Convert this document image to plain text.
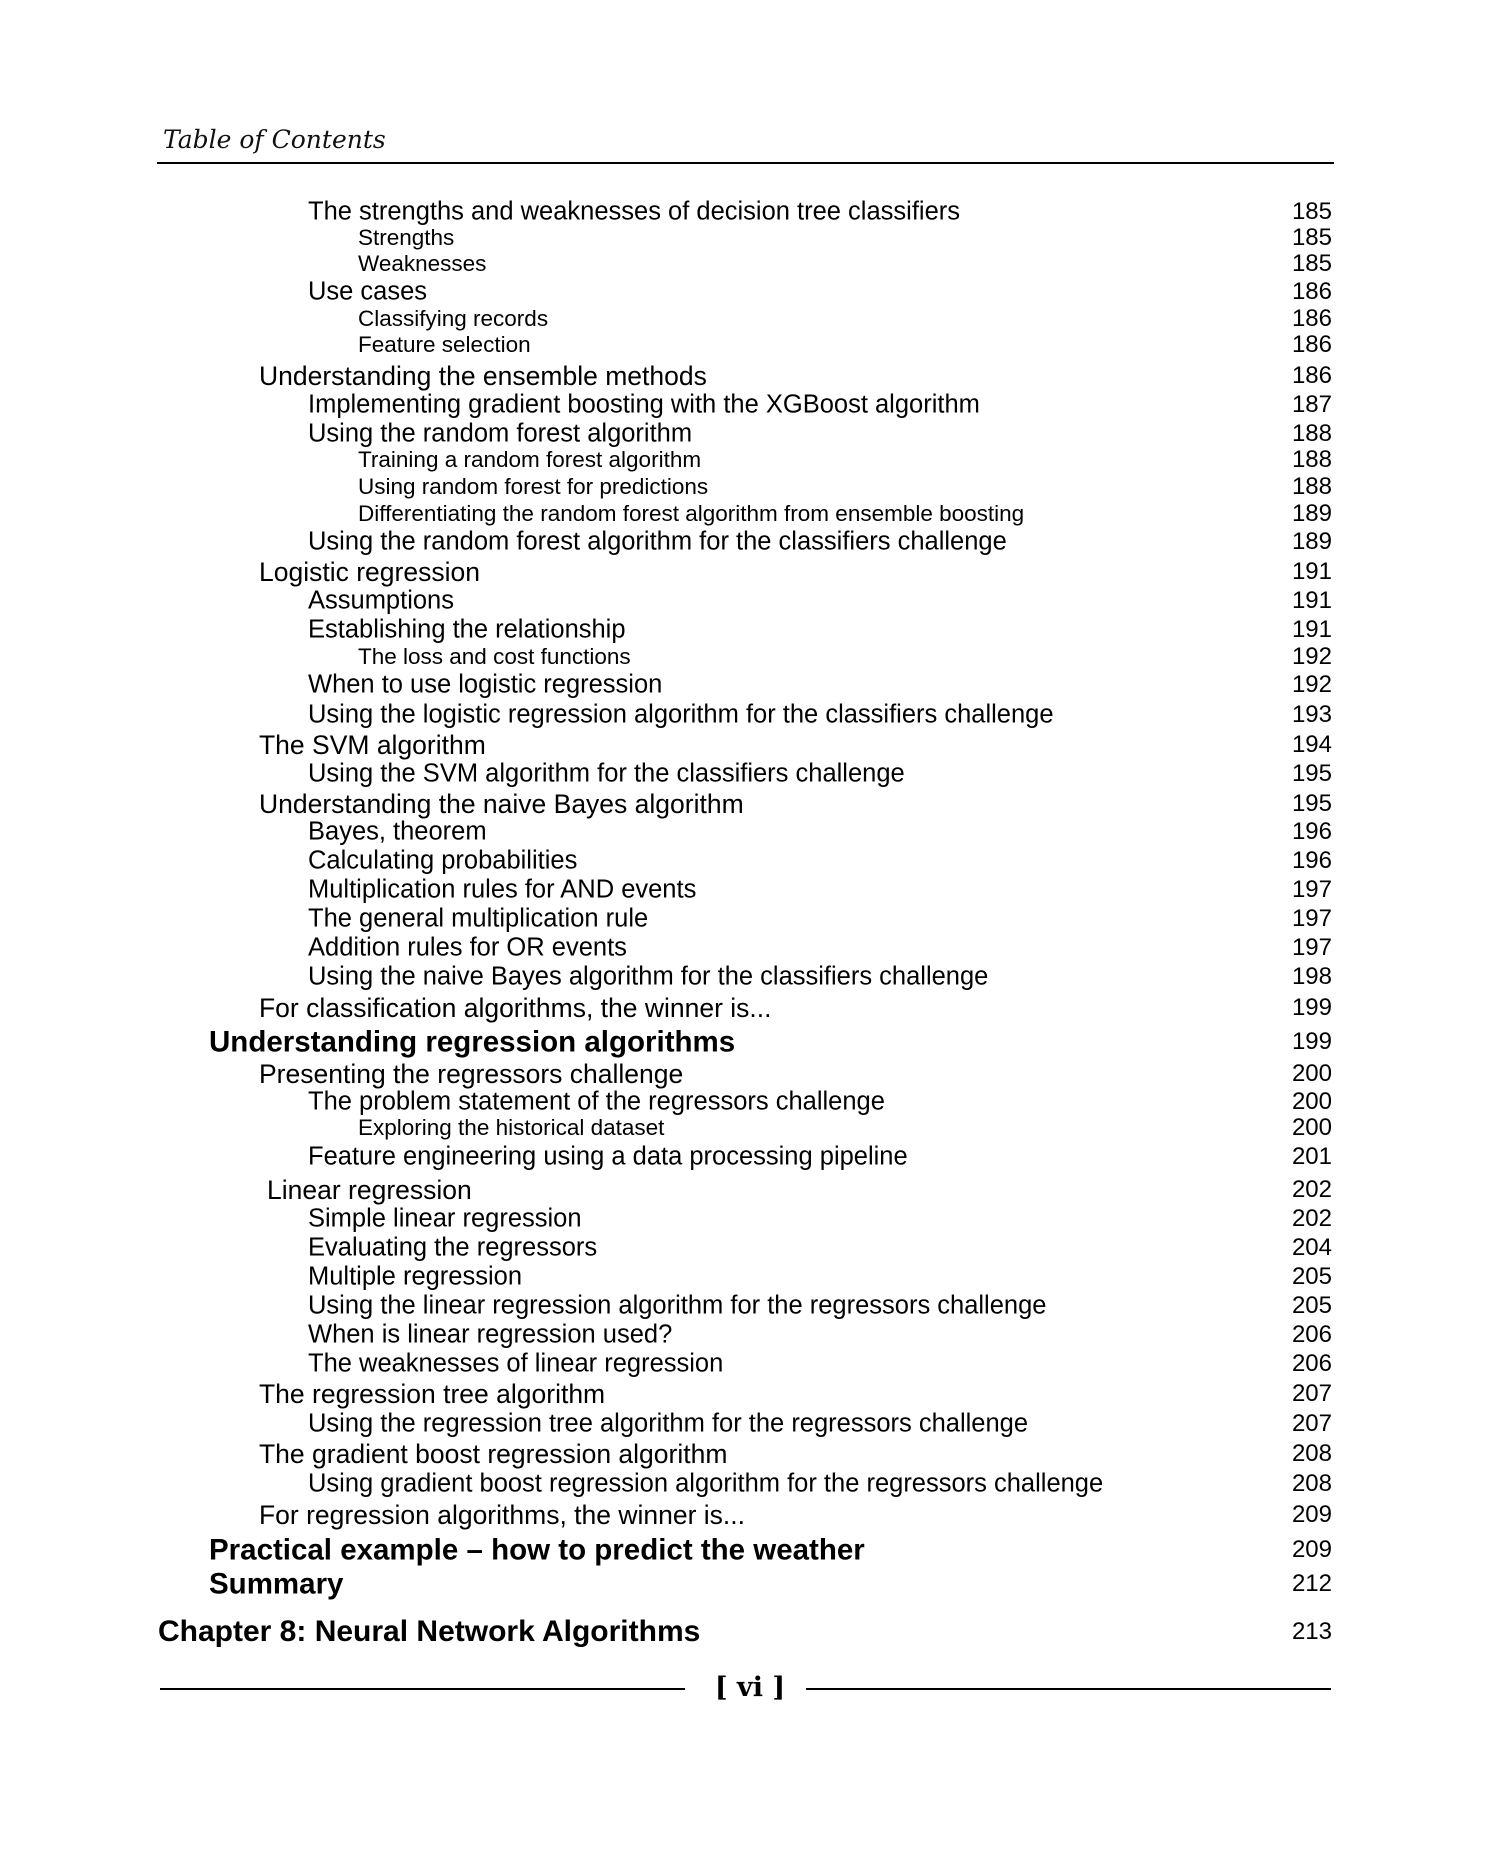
Table of Contents
The strengths and weaknesses of decision tree classifiers	185
Strengths	185
Weaknesses	185
Use cases	186
Classifying records	186
Feature selection	186
Understanding the ensemble methods	186
Implementing gradient boosting with the XGBoost algorithm	187
Using the random forest algorithm	188
Training a random forest algorithm	188
Using random forest for predictions	188
Differentiating the random forest algorithm from ensemble boosting	189
Using the random forest algorithm for the classifiers challenge	189
Logistic regression	191
Assumptions	191
Establishing the relationship	191
The loss and cost functions	192
When to use logistic regression	192
Using the logistic regression algorithm for the classifiers challenge	193
The SVM algorithm	194
Using the SVM algorithm for the classifiers challenge	195
Understanding the naive Bayes algorithm	195
Bayes, theorem	196
Calculating probabilities	196
Multiplication rules for AND events	197
The general multiplication rule	197
Addition rules for OR events	197
Using the naive Bayes algorithm for the classifiers challenge	198
For classification algorithms, the winner is...	199
Understanding regression algorithms	199
Presenting the regressors challenge	200
The problem statement of the regressors challenge	200
Exploring the historical dataset	200
Feature engineering using a data processing pipeline	201
Linear regression	202
Simple linear regression	202
Evaluating the regressors	204
Multiple regression	205
Using the linear regression algorithm for the regressors challenge	205
When is linear regression used?	206
The weaknesses of linear regression	206
The regression tree algorithm	207
Using the regression tree algorithm for the regressors challenge	207
The gradient boost regression algorithm	208
Using gradient boost regression algorithm for the regressors challenge	208
For regression algorithms, the winner is...	209
Practical example – how to predict the weather	209
Summary	212
Chapter 8: Neural Network Algorithms	213
[ vi ]
